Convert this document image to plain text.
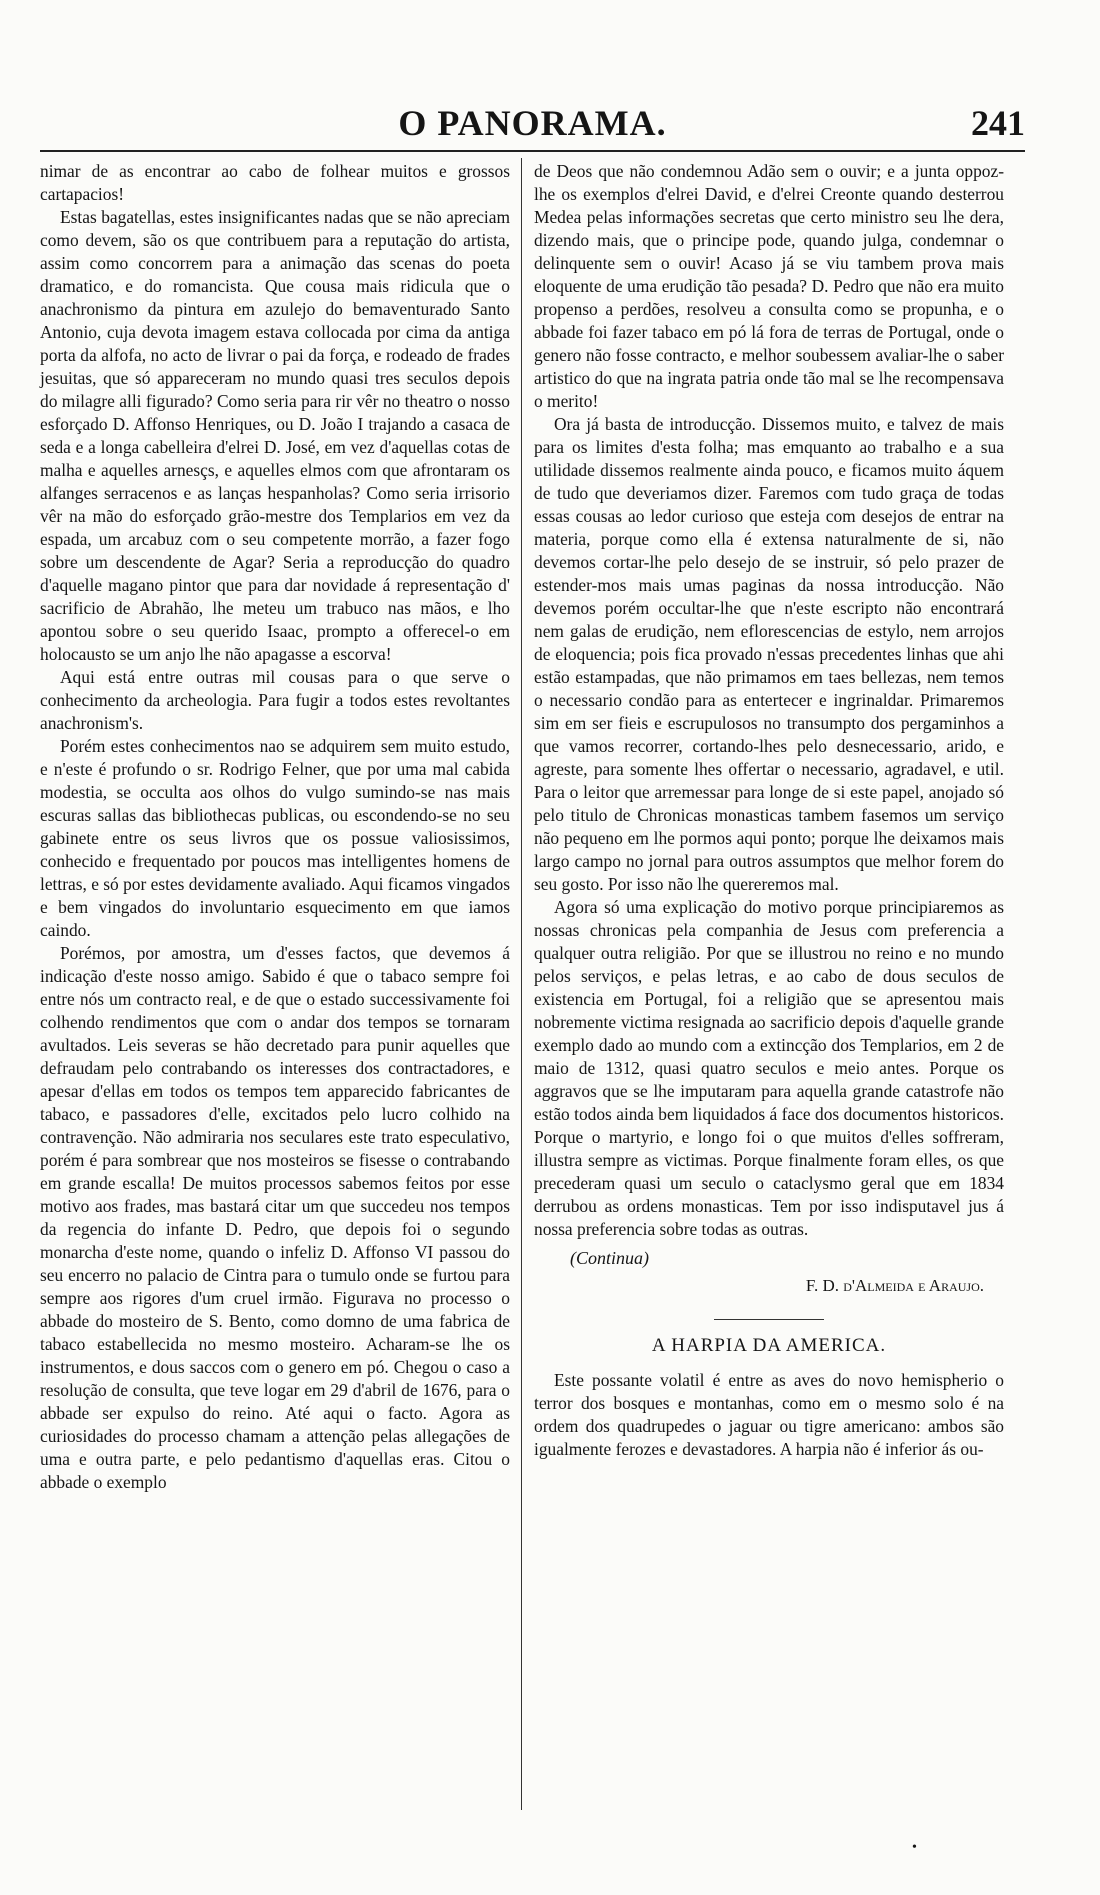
O PANORAMA.	241

nimar de as encontrar ao cabo de folhear muitos e grossos cartapacios!

Estas bagatellas, estes insignificantes nadas que se não apreciam como devem, são os que contribuem para a reputação do artista, assim como concorrem para a animação das scenas do poeta dramatico, e do romancista. Que cousa mais ridicula que o anachronismo da pintura em azulejo do bemaventurado Santo Antonio, cuja devota imagem estava collocada por cima da antiga porta da alfofa, no acto de livrar o pai da força, e rodeado de frades jesuitas, que só appareceram no mundo quasi tres seculos depois do milagre alli figurado? Como seria para rir vêr no theatro o nosso esforçado D. Affonso Henriques, ou D. João I trajando a casaca de seda e a longa cabelleira d'elrei D. José, em vez d'aquellas cotas de malha e aquelles arnesçs, e aquelles elmos com que afrontaram os alfanges serracenos e as lanças hespanholas? Como seria irrisorio vêr na mão do esforçado grão-mestre dos Templarios em vez da espada, um arcabuz com o seu competente morrão, a fazer fogo sobre um descendente de Agar? Seria a reproducção do quadro d'aquelle magano pintor que para dar novidade á representação d' sacrificio de Abrahão, lhe meteu um trabuco nas mãos, e lho apontou sobre o seu querido Isaac, prompto a offerecel-o em holocausto se um anjo lhe não apagasse a escorva!

Aqui está entre outras mil cousas para o que serve o conhecimento da archeologia. Para fugir a todos estes revoltantes anachronism's.

Porém estes conhecimentos nao se adquirem sem muito estudo, e n'este é profundo o sr. Rodrigo Felner, que por uma mal cabida modestia, se occulta aos olhos do vulgo sumindo-se nas mais escuras sallas das bibliothecas publicas, ou escondendo-se no seu gabinete entre os seus livros que os possue valiosissimos, conhecido e frequentado por poucos mas intelligentes homens de lettras, e só por estes devidamente avaliado. Aqui ficamos vingados e bem vingados do involuntario esquecimento em que iamos caindo.

Porémos, por amostra, um d'esses factos, que devemos á indicação d'este nosso amigo. Sabido é que o tabaco sempre foi entre nós um contracto real, e de que o estado successivamente foi colhendo rendimentos que com o andar dos tempos se tornaram avultados. Leis severas se hão decretado para punir aquelles que defraudam pelo contrabando os interesses dos contractadores, e apesar d'ellas em todos os tempos tem apparecido fabricantes de tabaco, e passadores d'elle, excitados pelo lucro colhido na contravenção. Não admiraria nos seculares este trato especulativo, porém é para sombrear que nos mosteiros se fisesse o contrabando em grande escalla! De muitos processos sabemos feitos por esse motivo aos frades, mas bastará citar um que succedeu nos tempos da regencia do infante D. Pedro, que depois foi o segundo monarcha d'este nome, quando o infeliz D. Affonso VI passou do seu encerro no palacio de Cintra para o tumulo onde se furtou para sempre aos rigores d'um cruel irmão. Figurava no processo o abbade do mosteiro de S. Bento, como domno de uma fabrica de tabaco estabellecida no mesmo mosteiro. Acharam-se lhe os instrumentos, e dous saccos com o genero em pó. Chegou o caso a resolução de consulta, que teve logar em 29 d'abril de 1676, para o abbade ser expulso do reino. Até aqui o facto. Agora as curiosidades do processo chamam a attenção pelas allegações de uma e outra parte, e pelo pedantismo d'aquellas eras. Citou o abbade o exemplo

de Deos que não condemnou Adão sem o ouvir; e a junta oppoz-lhe os exemplos d'elrei David, e d'elrei Creonte quando desterrou Medea pelas informações secretas que certo ministro seu lhe dera, dizendo mais, que o principe pode, quando julga, condemnar o delinquente sem o ouvir! Acaso já se viu tambem prova mais eloquente de uma erudição tão pesada? D. Pedro que não era muito propenso a perdões, resolveu a consulta como se propunha, e o abbade foi fazer tabaco em pó lá fora de terras de Portugal, onde o genero não fosse contracto, e melhor soubessem avaliar-lhe o saber artistico do que na ingrata patria onde tão mal se lhe recompensava o merito!

Ora já basta de introducção. Dissemos muito, e talvez de mais para os limites d'esta folha; mas emquanto ao trabalho e a sua utilidade dissemos realmente ainda pouco, e ficamos muito áquem de tudo que deveriamos dizer. Faremos com tudo graça de todas essas cousas ao ledor curioso que esteja com desejos de entrar na materia, porque como ella é extensa naturalmente de si, não devemos cortar-lhe pelo desejo de se instruir, só pelo prazer de estender-mos mais umas paginas da nossa introducção. Não devemos porém occultar-lhe que n'este escripto não encontrará nem galas de erudição, nem eflorescencias de estylo, nem arrojos de eloquencia; pois fica provado n'essas precedentes linhas que ahi estão estampadas, que não primamos em taes bellezas, nem temos o necessario condão para as entertecer e ingrinaldar. Primaremos sim em ser fieis e escrupulosos no transumpto dos pergaminhos a que vamos recorrer, cortando-lhes pelo desnecessario, arido, e agreste, para somente lhes offertar o necessario, agradavel, e util. Para o leitor que arremessar para longe de si este papel, anojado só pelo titulo de Chronicas monasticas tambem fasemos um serviço não pequeno em lhe pormos aqui ponto; porque lhe deixamos mais largo campo no jornal para outros assumptos que melhor forem do seu gosto. Por isso não lhe quereremos mal.

Agora só uma explicação do motivo porque principiaremos as nossas chronicas pela companhia de Jesus com preferencia a qualquer outra religião. Por que se illustrou no reino e no mundo pelos serviços, e pelas letras, e ao cabo de dous seculos de existencia em Portugal, foi a religião que se apresentou mais nobremente victima resignada ao sacrificio depois d'aquelle grande exemplo dado ao mundo com a extincção dos Templarios, em 2 de maio de 1312, quasi quatro seculos e meio antes. Porque os aggravos que se lhe imputaram para aquella grande catastrofe não estão todos ainda bem liquidados á face dos documentos historicos. Porque o martyrio, e longo foi o que muitos d'elles soffreram, illustra sempre as victimas. Porque finalmente foram elles, os que precederam quasi um seculo o cataclysmo geral que em 1834 derrubou as ordens monasticas. Tem por isso indisputavel jus á nossa preferencia sobre todas as outras.

(Continua)
F. D. d'Almeida e Araujo.
A HARPIA DA AMERICA.

Este possante volatil é entre as aves do novo hemispherio o terror dos bosques e montanhas, como em o mesmo solo é na ordem dos quadrupedes o jaguar ou tigre americano: ambos são igualmente ferozes e devastadores. A harpia não é inferior ás ou-

•
